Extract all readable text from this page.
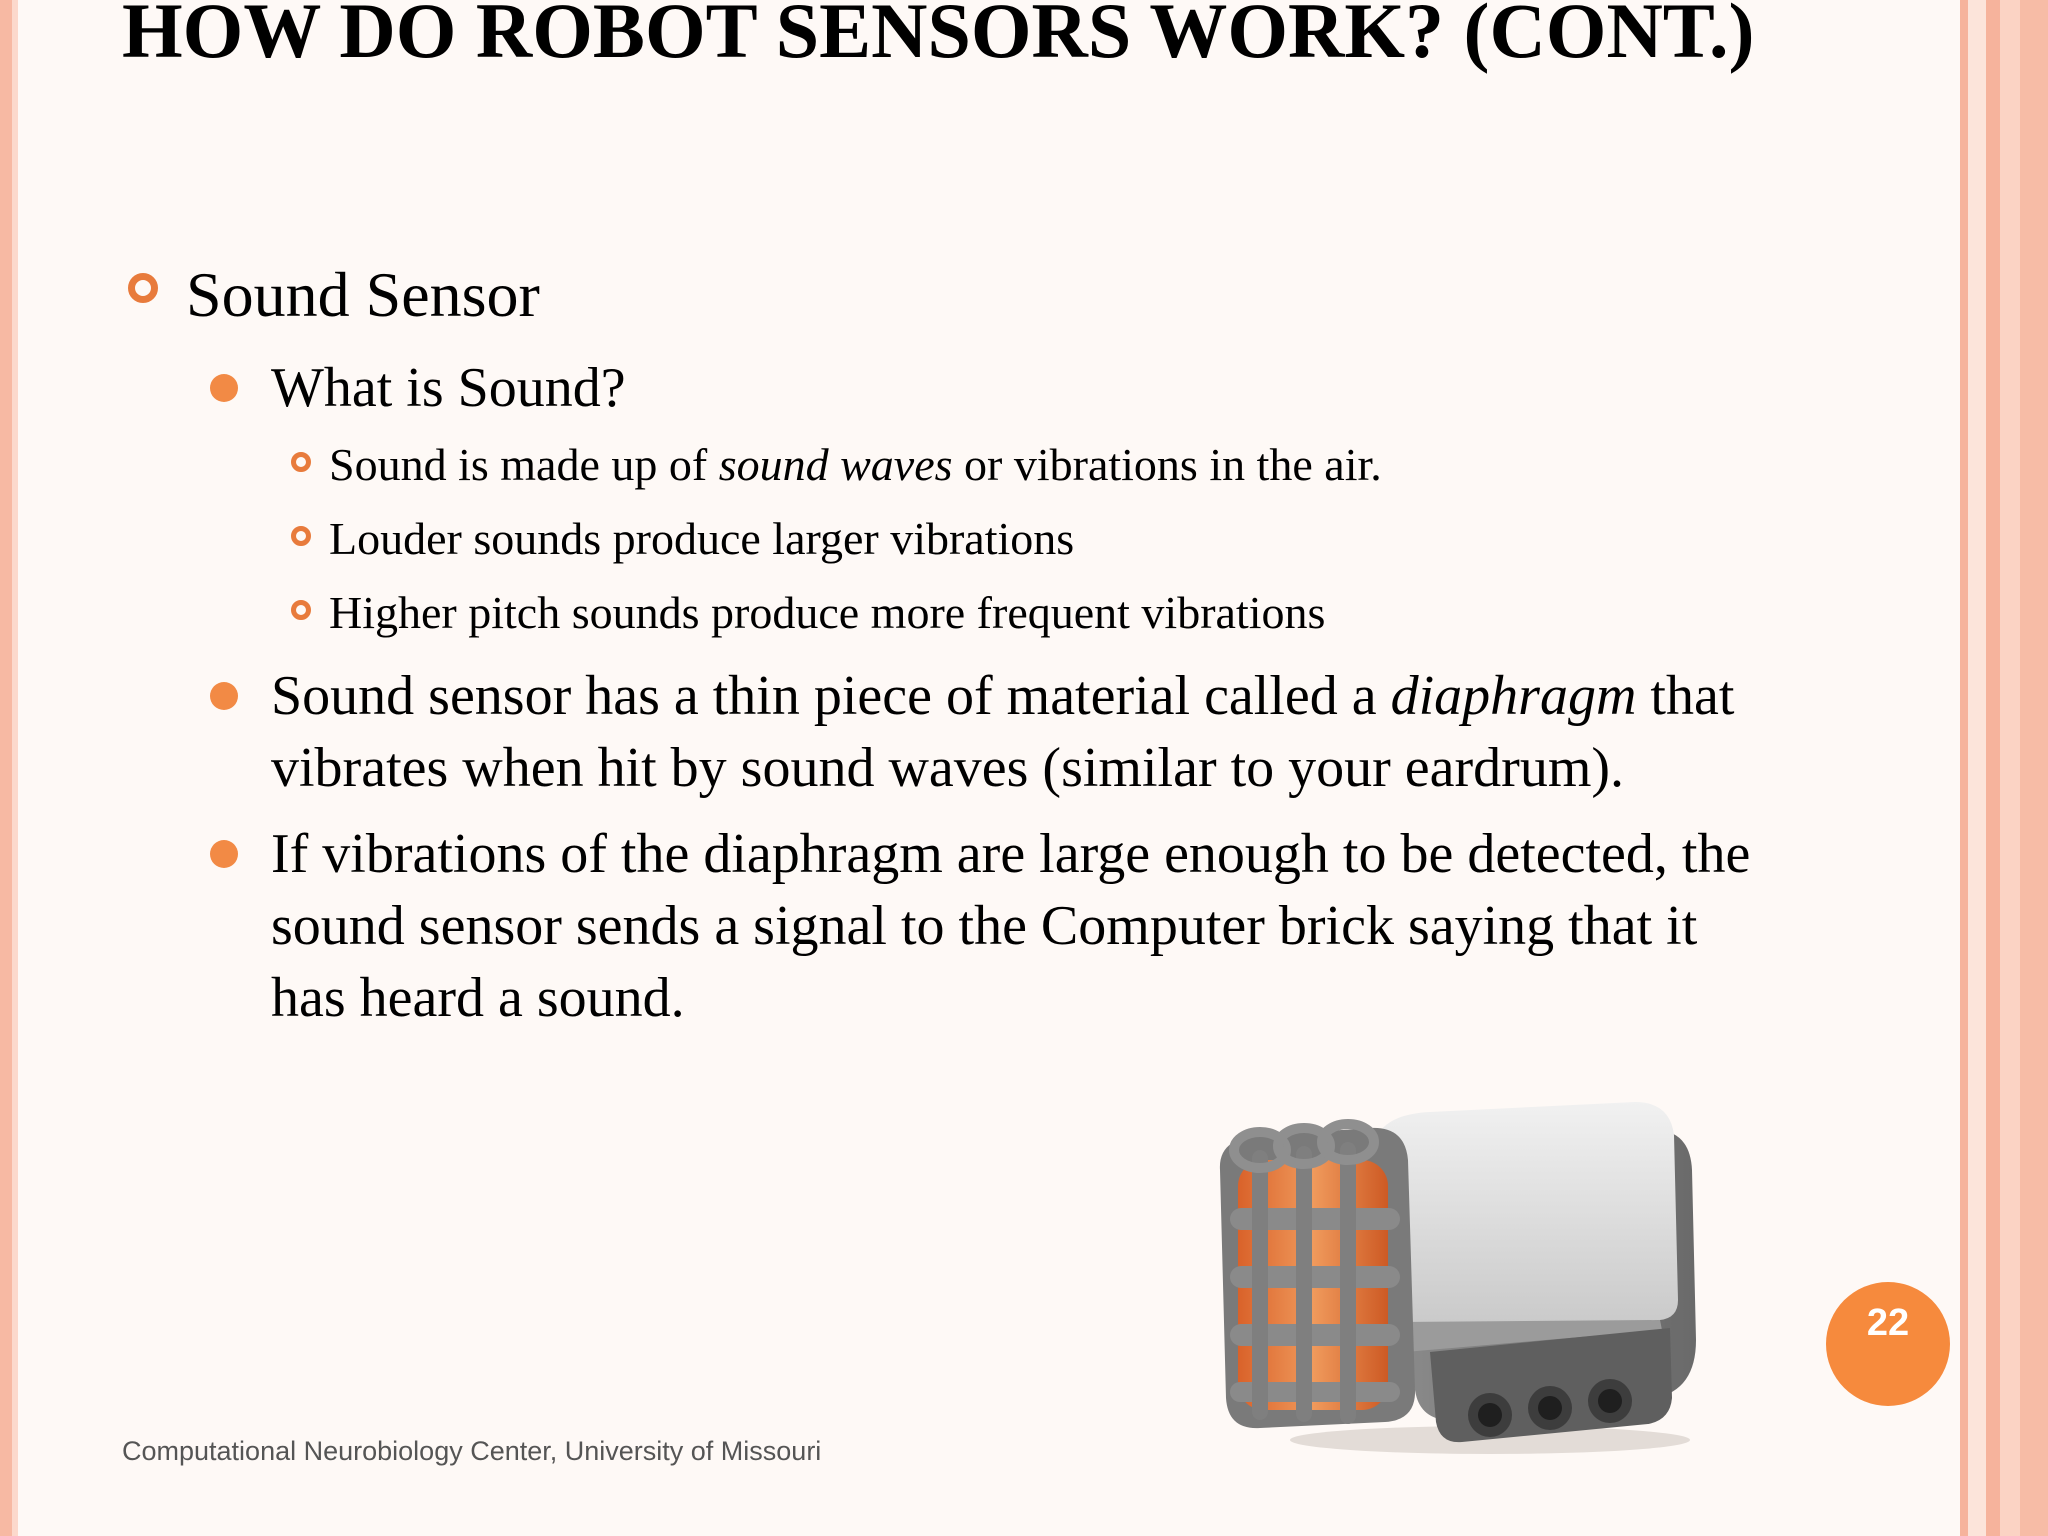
HOW DO ROBOT SENSORS WORK? (CONT.)
Sound Sensor
What is Sound?
Sound is made up of sound waves or vibrations in the air.
Louder sounds produce larger vibrations
Higher pitch sounds produce more frequent vibrations
Sound sensor has a thin piece of material called a diaphragm that
vibrates when hit by sound waves (similar to your eardrum).
If vibrations of the diaphragm are large enough to be detected, the
sound sensor sends a signal to the Computer brick saying that it
has heard a sound.
Computational Neurobiology Center, University of Missouri
22
